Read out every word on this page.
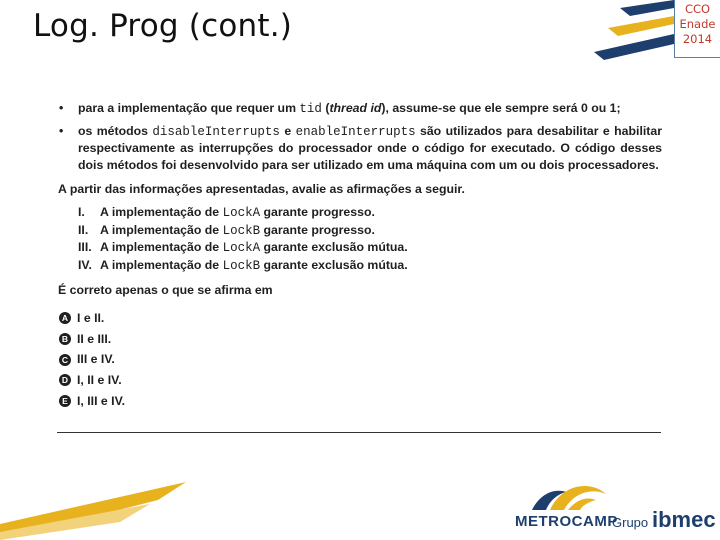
Log. Prog (cont.)	CCO
Enade
2014
• para a implementação que requer um tid (thread id), assume-se que ele sempre será 0 ou 1;
• os métodos disableInterrupts e enableInterrupts são utilizados para desabilitar e habilitar respectivamente as interrupções do processador onde o código for executado. O código desses dois métodos foi desenvolvido para ser utilizado em uma máquina com um ou dois processadores.
A partir das informações apresentadas, avalie as afirmações a seguir.
I.	A implementação de LockA garante progresso.
II. A implementação de LockB garante progresso.
III. A implementação de LockA garante exclusão mútua.
IV. A implementação de LockB garante exclusão mútua.
É correto apenas o que se afirma em
A I e II.
B II e III.
C III e IV.
D I, II e IV.
E I, III e IV.
METROCAMP
Grupo ibmec
